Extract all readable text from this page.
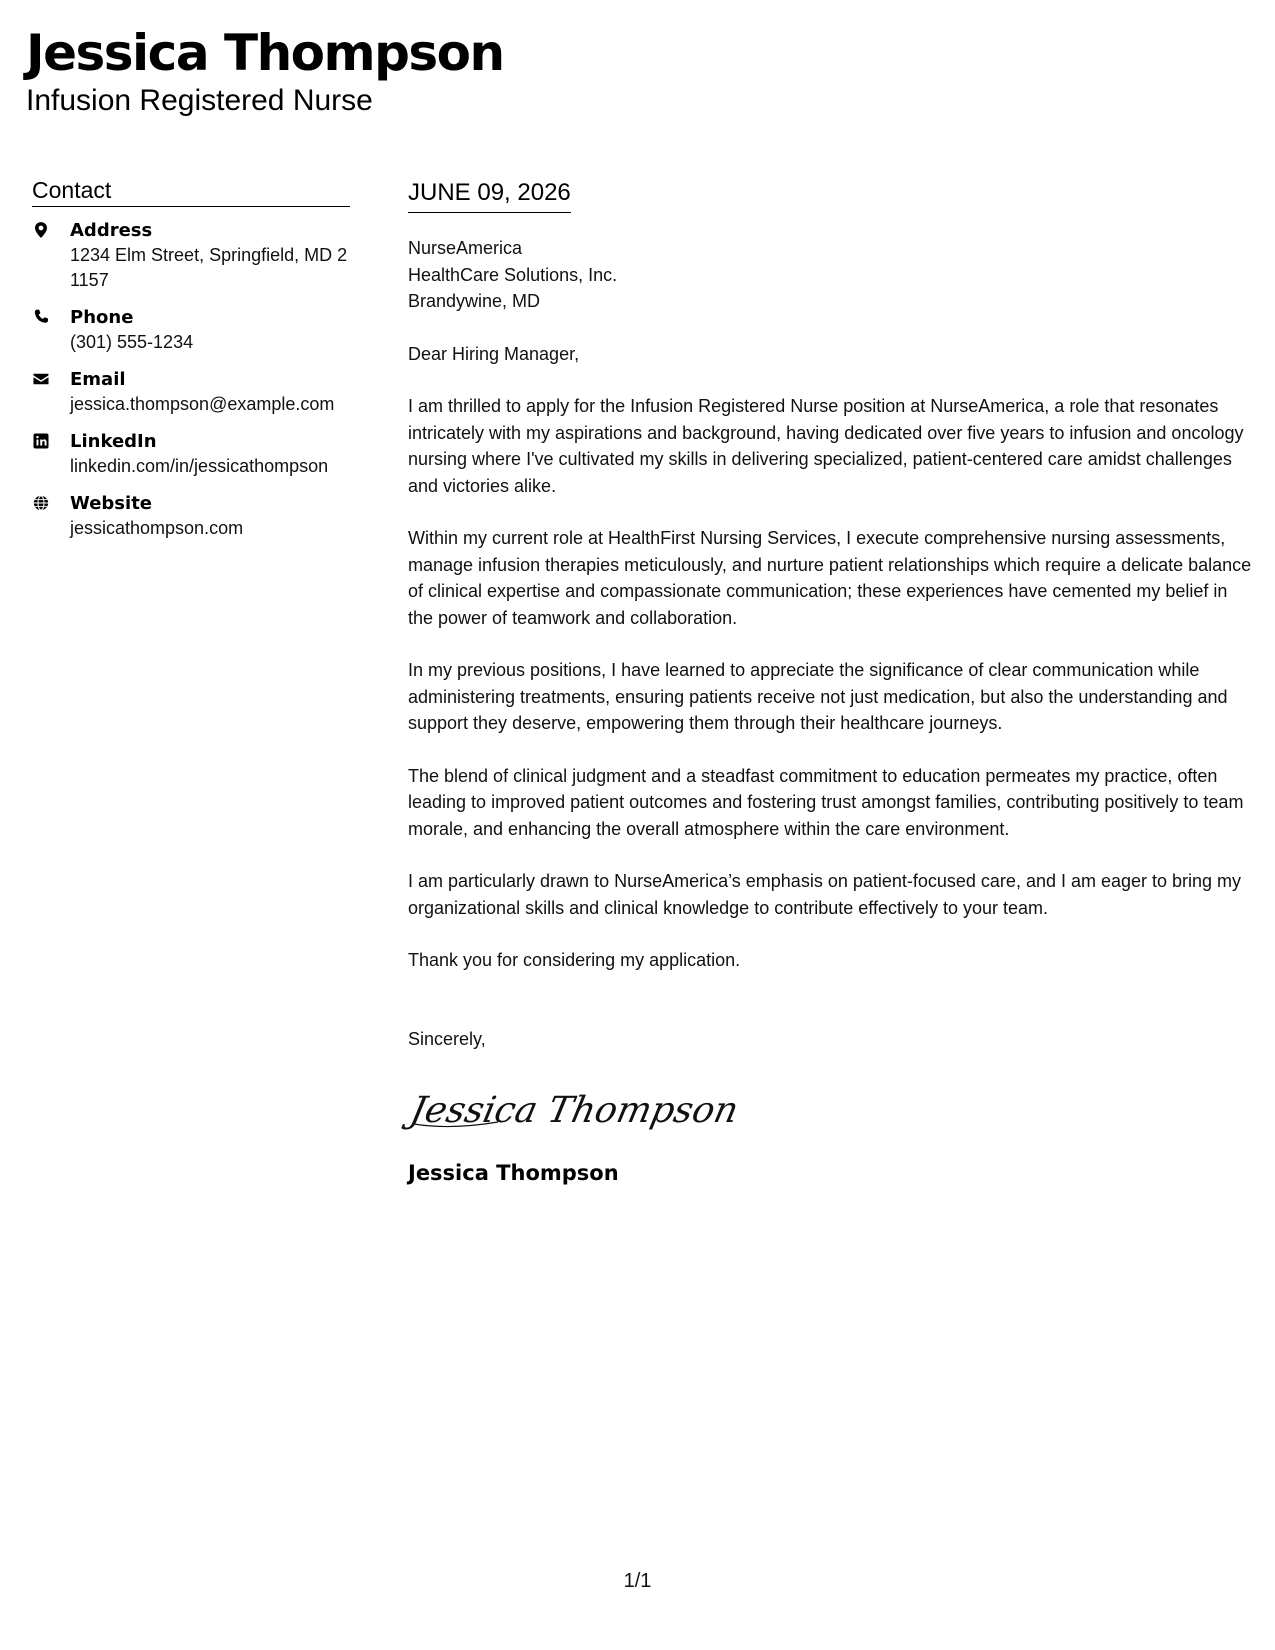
Jessica Thompson
Infusion Registered Nurse
Contact
Address
1234 Elm Street, Springfield, MD 21157
Phone
(301) 555-1234
Email
jessica.thompson@example.com
LinkedIn
linkedin.com/in/jessicathompson
Website
jessicathompson.com
JUNE 09, 2026
NurseAmerica
HealthCare Solutions, Inc.
Brandywine, MD
Dear Hiring Manager,
I am thrilled to apply for the Infusion Registered Nurse position at NurseAmerica, a role that resonates intricately with my aspirations and background, having dedicated over five years to infusion and oncology nursing where I've cultivated my skills in delivering specialized, patient-centered care amidst challenges and victories alike.
Within my current role at HealthFirst Nursing Services, I execute comprehensive nursing assessments, manage infusion therapies meticulously, and nurture patient relationships which require a delicate balance of clinical expertise and compassionate communication; these experiences have cemented my belief in the power of teamwork and collaboration.
In my previous positions, I have learned to appreciate the significance of clear communication while administering treatments, ensuring patients receive not just medication, but also the understanding and support they deserve, empowering them through their healthcare journeys.
The blend of clinical judgment and a steadfast commitment to education permeates my practice, often leading to improved patient outcomes and fostering trust amongst families, contributing positively to team morale, and enhancing the overall atmosphere within the care environment.
I am particularly drawn to NurseAmerica’s emphasis on patient-focused care, and I am eager to bring my organizational skills and clinical knowledge to contribute effectively to your team.
Thank you for considering my application.
Sincerely,
Jessica Thompson
Jessica Thompson
1/1
